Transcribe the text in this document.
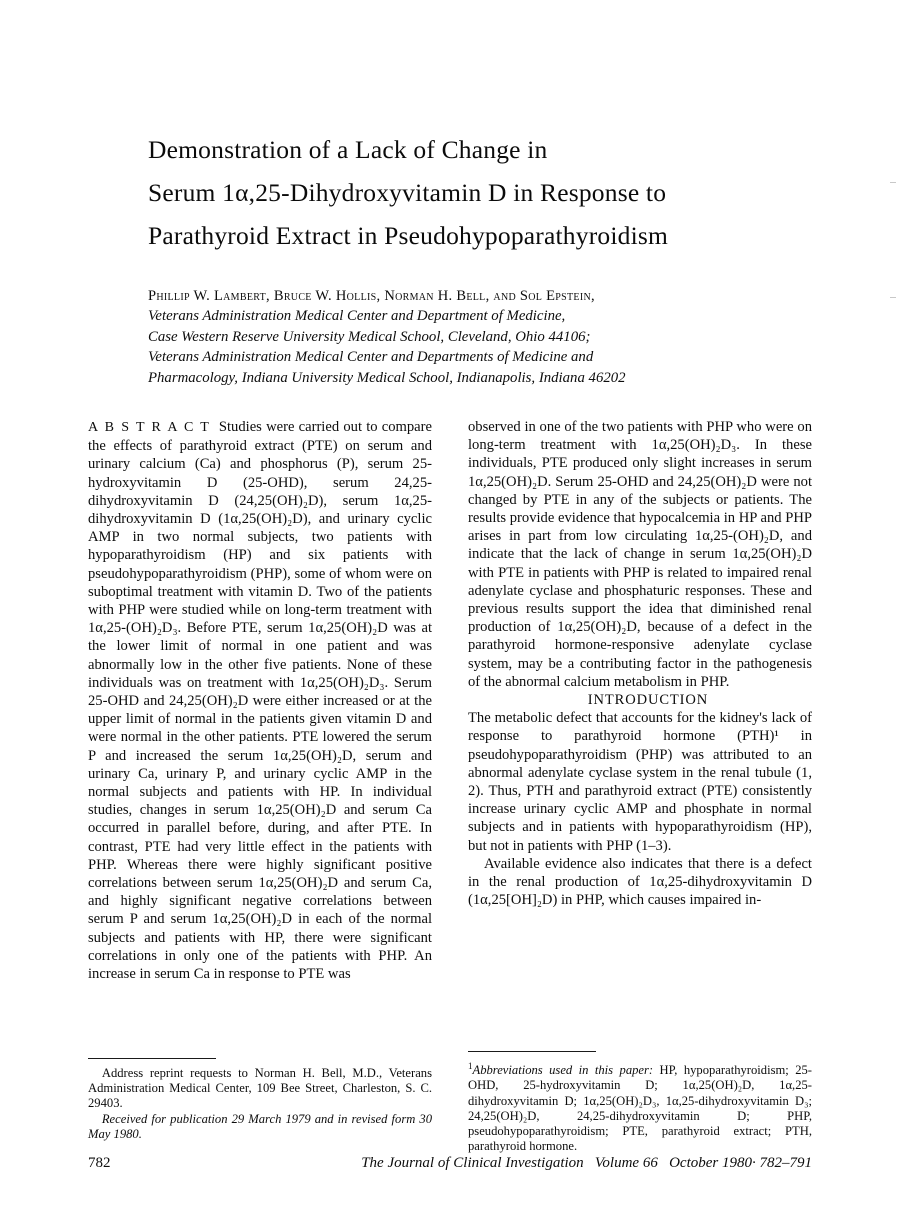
Demonstration of a Lack of Change in
Serum 1α,25-Dihydroxyvitamin D in Response to
Parathyroid Extract in Pseudohypoparathyroidism
Phillip W. Lambert, Bruce W. Hollis, Norman H. Bell, and Sol Epstein,
Veterans Administration Medical Center and Department of Medicine,
Case Western Reserve University Medical School, Cleveland, Ohio 44106;
Veterans Administration Medical Center and Departments of Medicine and
Pharmacology, Indiana University Medical School, Indianapolis, Indiana 46202

A B S T R A C T Studies were carried out to compare the effects of parathyroid extract (PTE) on serum and urinary calcium (Ca) and phosphorus (P), serum 25-hydroxyvitamin D (25-OHD), serum 24,25-dihydroxyvitamin D (24,25(OH)₂D), serum 1α,25-dihydroxyvitamin D (1α,25(OH)₂D), and urinary cyclic AMP in two normal subjects, two patients with hypoparathyroidism (HP) and six patients with pseudohypoparathyroidism (PHP), some of whom were on suboptimal treatment with vitamin D. Two of the patients with PHP were studied while on long-term treatment with 1α,25-(OH)₂D₃. Before PTE, serum 1α,25(OH)₂D was at the lower limit of normal in one patient and was abnormally low in the other five patients. None of these individuals was on treatment with 1α,25(OH)₂D₃. Serum 25-OHD and 24,25(OH)₂D were either increased or at the upper limit of normal in the patients given vitamin D and were normal in the other patients. PTE lowered the serum P and increased the serum 1α,25(OH)₂D, serum and urinary Ca, urinary P, and urinary cyclic AMP in the normal subjects and patients with HP. In individual studies, changes in serum 1α,25(OH)₂D and serum Ca occurred in parallel before, during, and after PTE. In contrast, PTE had very little effect in the patients with PHP. Whereas there were highly significant positive correlations between serum 1α,25(OH)₂D and serum Ca, and highly significant negative correlations between serum P and serum 1α,25(OH)₂D in each of the normal subjects and patients with HP, there were significant correlations in only one of the patients with PHP. An increase in serum Ca in response to PTE was

observed in one of the two patients with PHP who were on long-term treatment with 1α,25(OH)₂D₃. In these individuals, PTE produced only slight increases in serum 1α,25(OH)₂D. Serum 25-OHD and 24,25(OH)₂D were not changed by PTE in any of the subjects or patients. The results provide evidence that hypocalcemia in HP and PHP arises in part from low circulating 1α,25-(OH)₂D, and indicate that the lack of change in serum 1α,25(OH)₂D with PTE in patients with PHP is related to impaired renal adenylate cyclase and phosphaturic responses. These and previous results support the idea that diminished renal production of 1α,25(OH)₂D, because of a defect in the parathyroid hormone-responsive adenylate cyclase system, may be a contributing factor in the pathogenesis of the abnormal calcium metabolism in PHP.

INTRODUCTION

The metabolic defect that accounts for the kidney's lack of response to parathyroid hormone (PTH)¹ in pseudohypoparathyroidism (PHP) was attributed to an abnormal adenylate cyclase system in the renal tubule (1, 2). Thus, PTH and parathyroid extract (PTE) consistently increase urinary cyclic AMP and phosphate in normal subjects and in patients with hypoparathyroidism (HP), but not in patients with PHP (1–3).

Available evidence also indicates that there is a defect in the renal production of 1α,25-dihydroxyvitamin D (1α,25[OH]₂D) in PHP, which causes impaired in-

Address reprint requests to Norman H. Bell, M.D., Veterans Administration Medical Center, 109 Bee Street, Charleston, S. C. 29403.

Received for publication 29 March 1979 and in revised form 30 May 1980.

$^1$Abbreviations used in this paper: HP, hypoparathyroidism; 25-OHD, 25-hydroxyvitamin D; 1α,25(OH)₂D, 1α,25-dihydroxyvitamin D; 1α,25(OH)₂D₃, 1α,25-dihydroxyvitamin D₃; 24,25(OH)₂D, 24,25-dihydroxyvitamin D; PHP, pseudohypoparathyroidism; PTE, parathyroid extract; PTH, parathyroid hormone.

782	The Journal of Clinical Investigation Volume 66 October 1980· 782–791
